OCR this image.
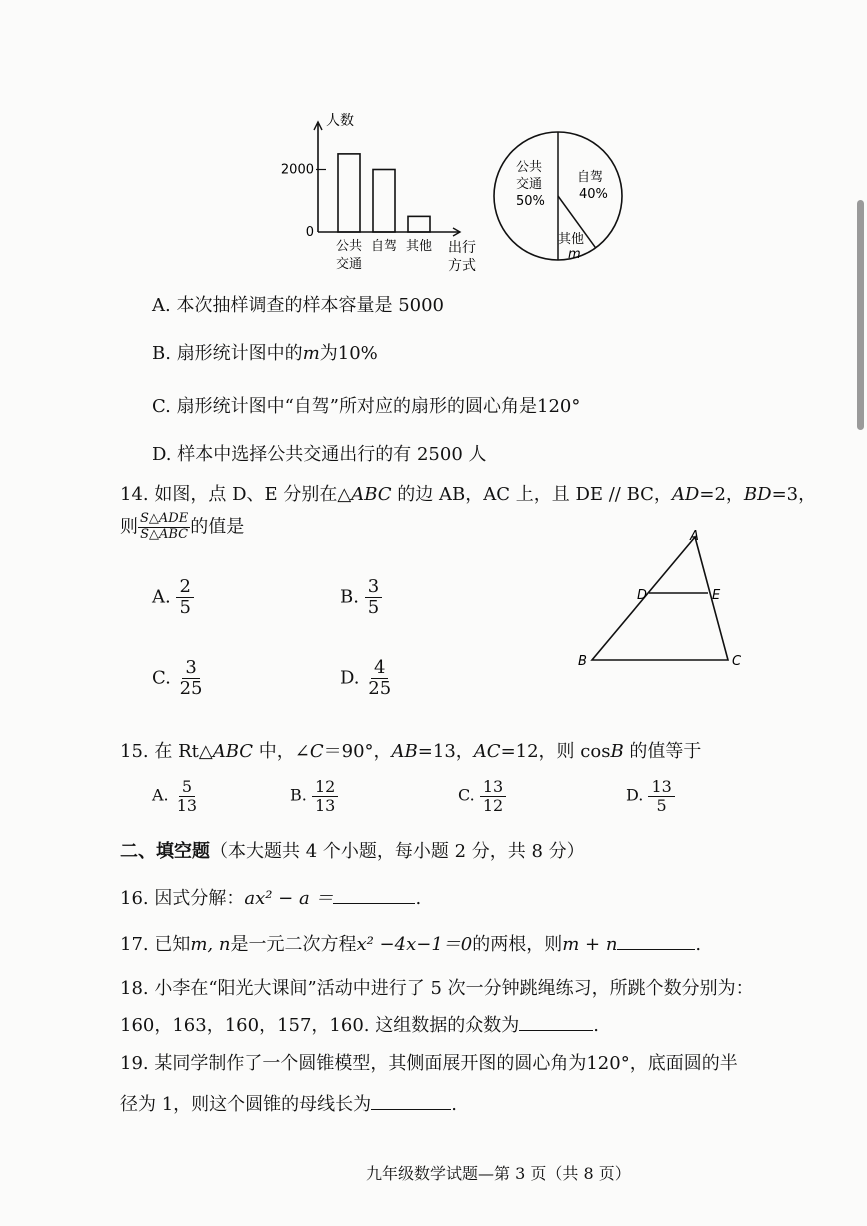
0
2000
公共
交通
自驾 其他
人数
出行
方式
公共
交通
50%
自驾
40%
其他
m
A. 本次抽样调查的样本容量是 5000
B. 扇形统计图中的m为10%
C. 扇形统计图中“自驾”所对应的扇形的圆心角是120°
D. 样本中选择公共交通出行的有 2500 人
14. 如图，点 D、E 分别在△ABC 的边 AB，AC 上，且 DE // BC，AD=2，BD=3，
则 $\frac{\text{S△ADE}}{\text{S△ABC}}$ 的值是
A. $\frac{2}{5}$	B. $\frac{3}{5}$
C. $\frac{3}{25}$	D. $\frac{4}{25}$
A
D	E
B	C
15. 在 Rt△ABC 中，∠C＝90°，AB=13，AC=12，则 cosB 的值等于
A. $\frac{5}{13}$	B. $\frac{12}{13}$	C. $\frac{13}{12}$	D. $\frac{13}{5}$
二、填空题（本大题共 4 个小题，每小题 2 分，共 8 分）
16. 因式分解：ax² − a ＝	.
17. 已知m, n是一元二次方程x² −4x−1＝0的两根，则m + n	.
18. 小李在“阳光大课间”活动中进行了 5 次一分钟跳绳练习，所跳个数分别为：
160，163，160，157，160. 这组数据的众数为	.
19. 某同学制作了一个圆锥模型，其侧面展开图的圆心角为120°，底面圆的半
径为 1，则这个圆锥的母线长为	.
九年级数学试题—第 3 页（共 8 页）
